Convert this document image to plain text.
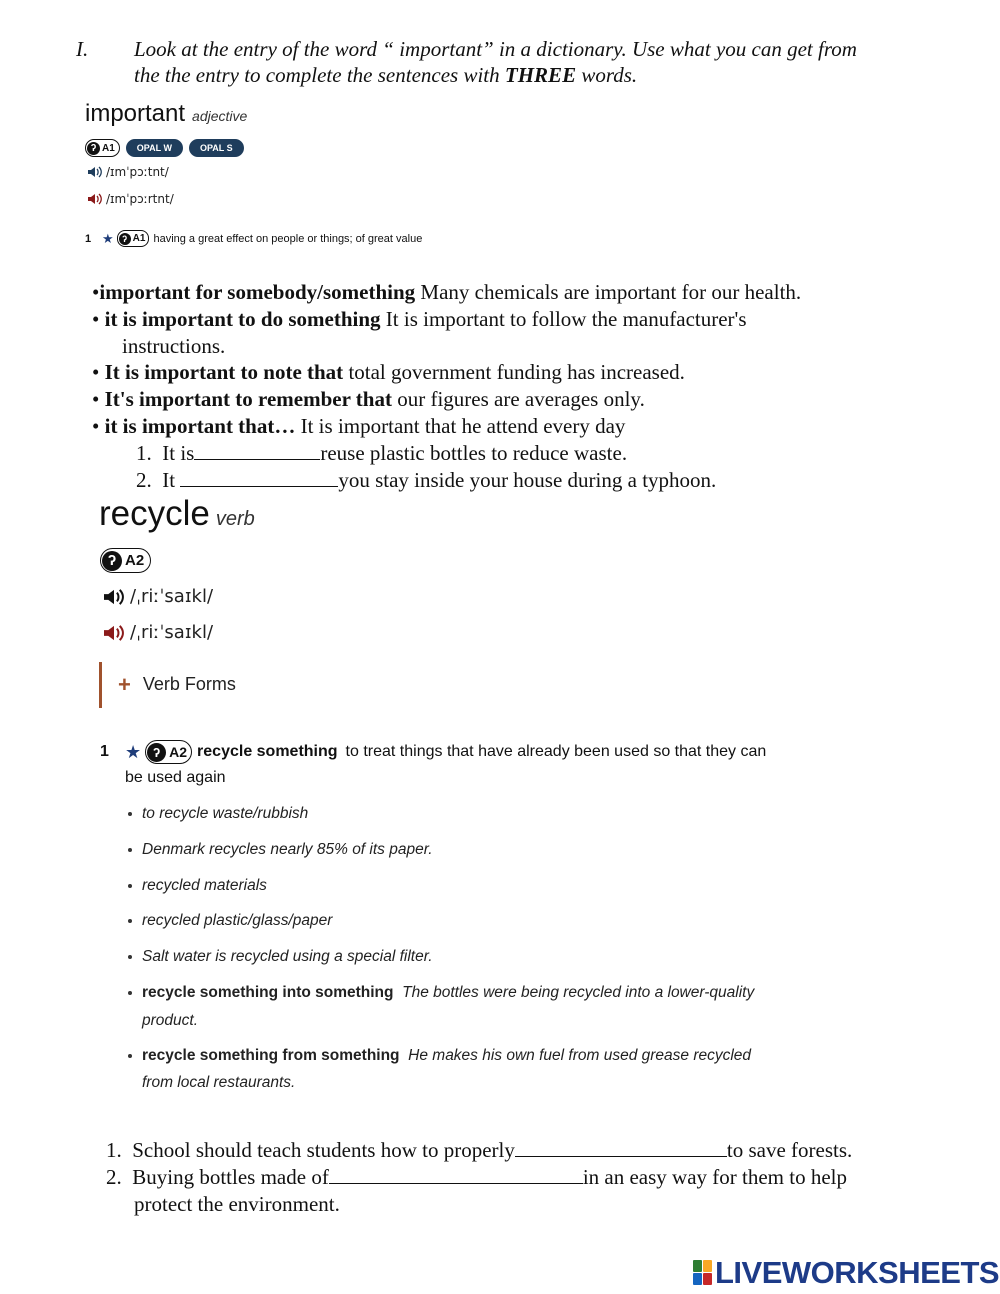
I. Look at the entry of the word “ important” in a dictionary. Use what you can get from
the the entry to complete the sentences with THREE words.
important adjective
ʔ A1	OPAL W	OPAL S
/ɪmˈpɔːtnt/
/ɪmˈpɔːrtnt/
1 ★ ʔ A1 having a great effect on people or things; of great value
•important for somebody/something Many chemicals are important for our health.
• it is important to do something It is important to follow the manufacturer's
instructions.
• It is important to note that total government funding has increased.
• It's important to remember that our figures are averages only.
• it is important that… It is important that he attend every day
1. It is	reuse plastic bottles to reduce waste.
2. It	you stay inside your house during a typhoon.
recycle verb
ʔ A2
/ˌriːˈsaɪkl/
/ˌriːˈsaɪkl/
+ Verb Forms
1 ★ ʔ A2 recycle something to treat things that have already been used so that they can
be used again
to recycle waste/rubbish
Denmark recycles nearly 85% of its paper.
recycled materials
recycled plastic/glass/paper
Salt water is recycled using a special filter.
recycle something into something The bottles were being recycled into a lower-quality
product.
recycle something from something He makes his own fuel from used grease recycled
from local restaurants.
1. School should teach students how to properly	to save forests.
2. Buying bottles made of	in an easy way for them to help
protect the environment.
LIVEWORKSHEETS
